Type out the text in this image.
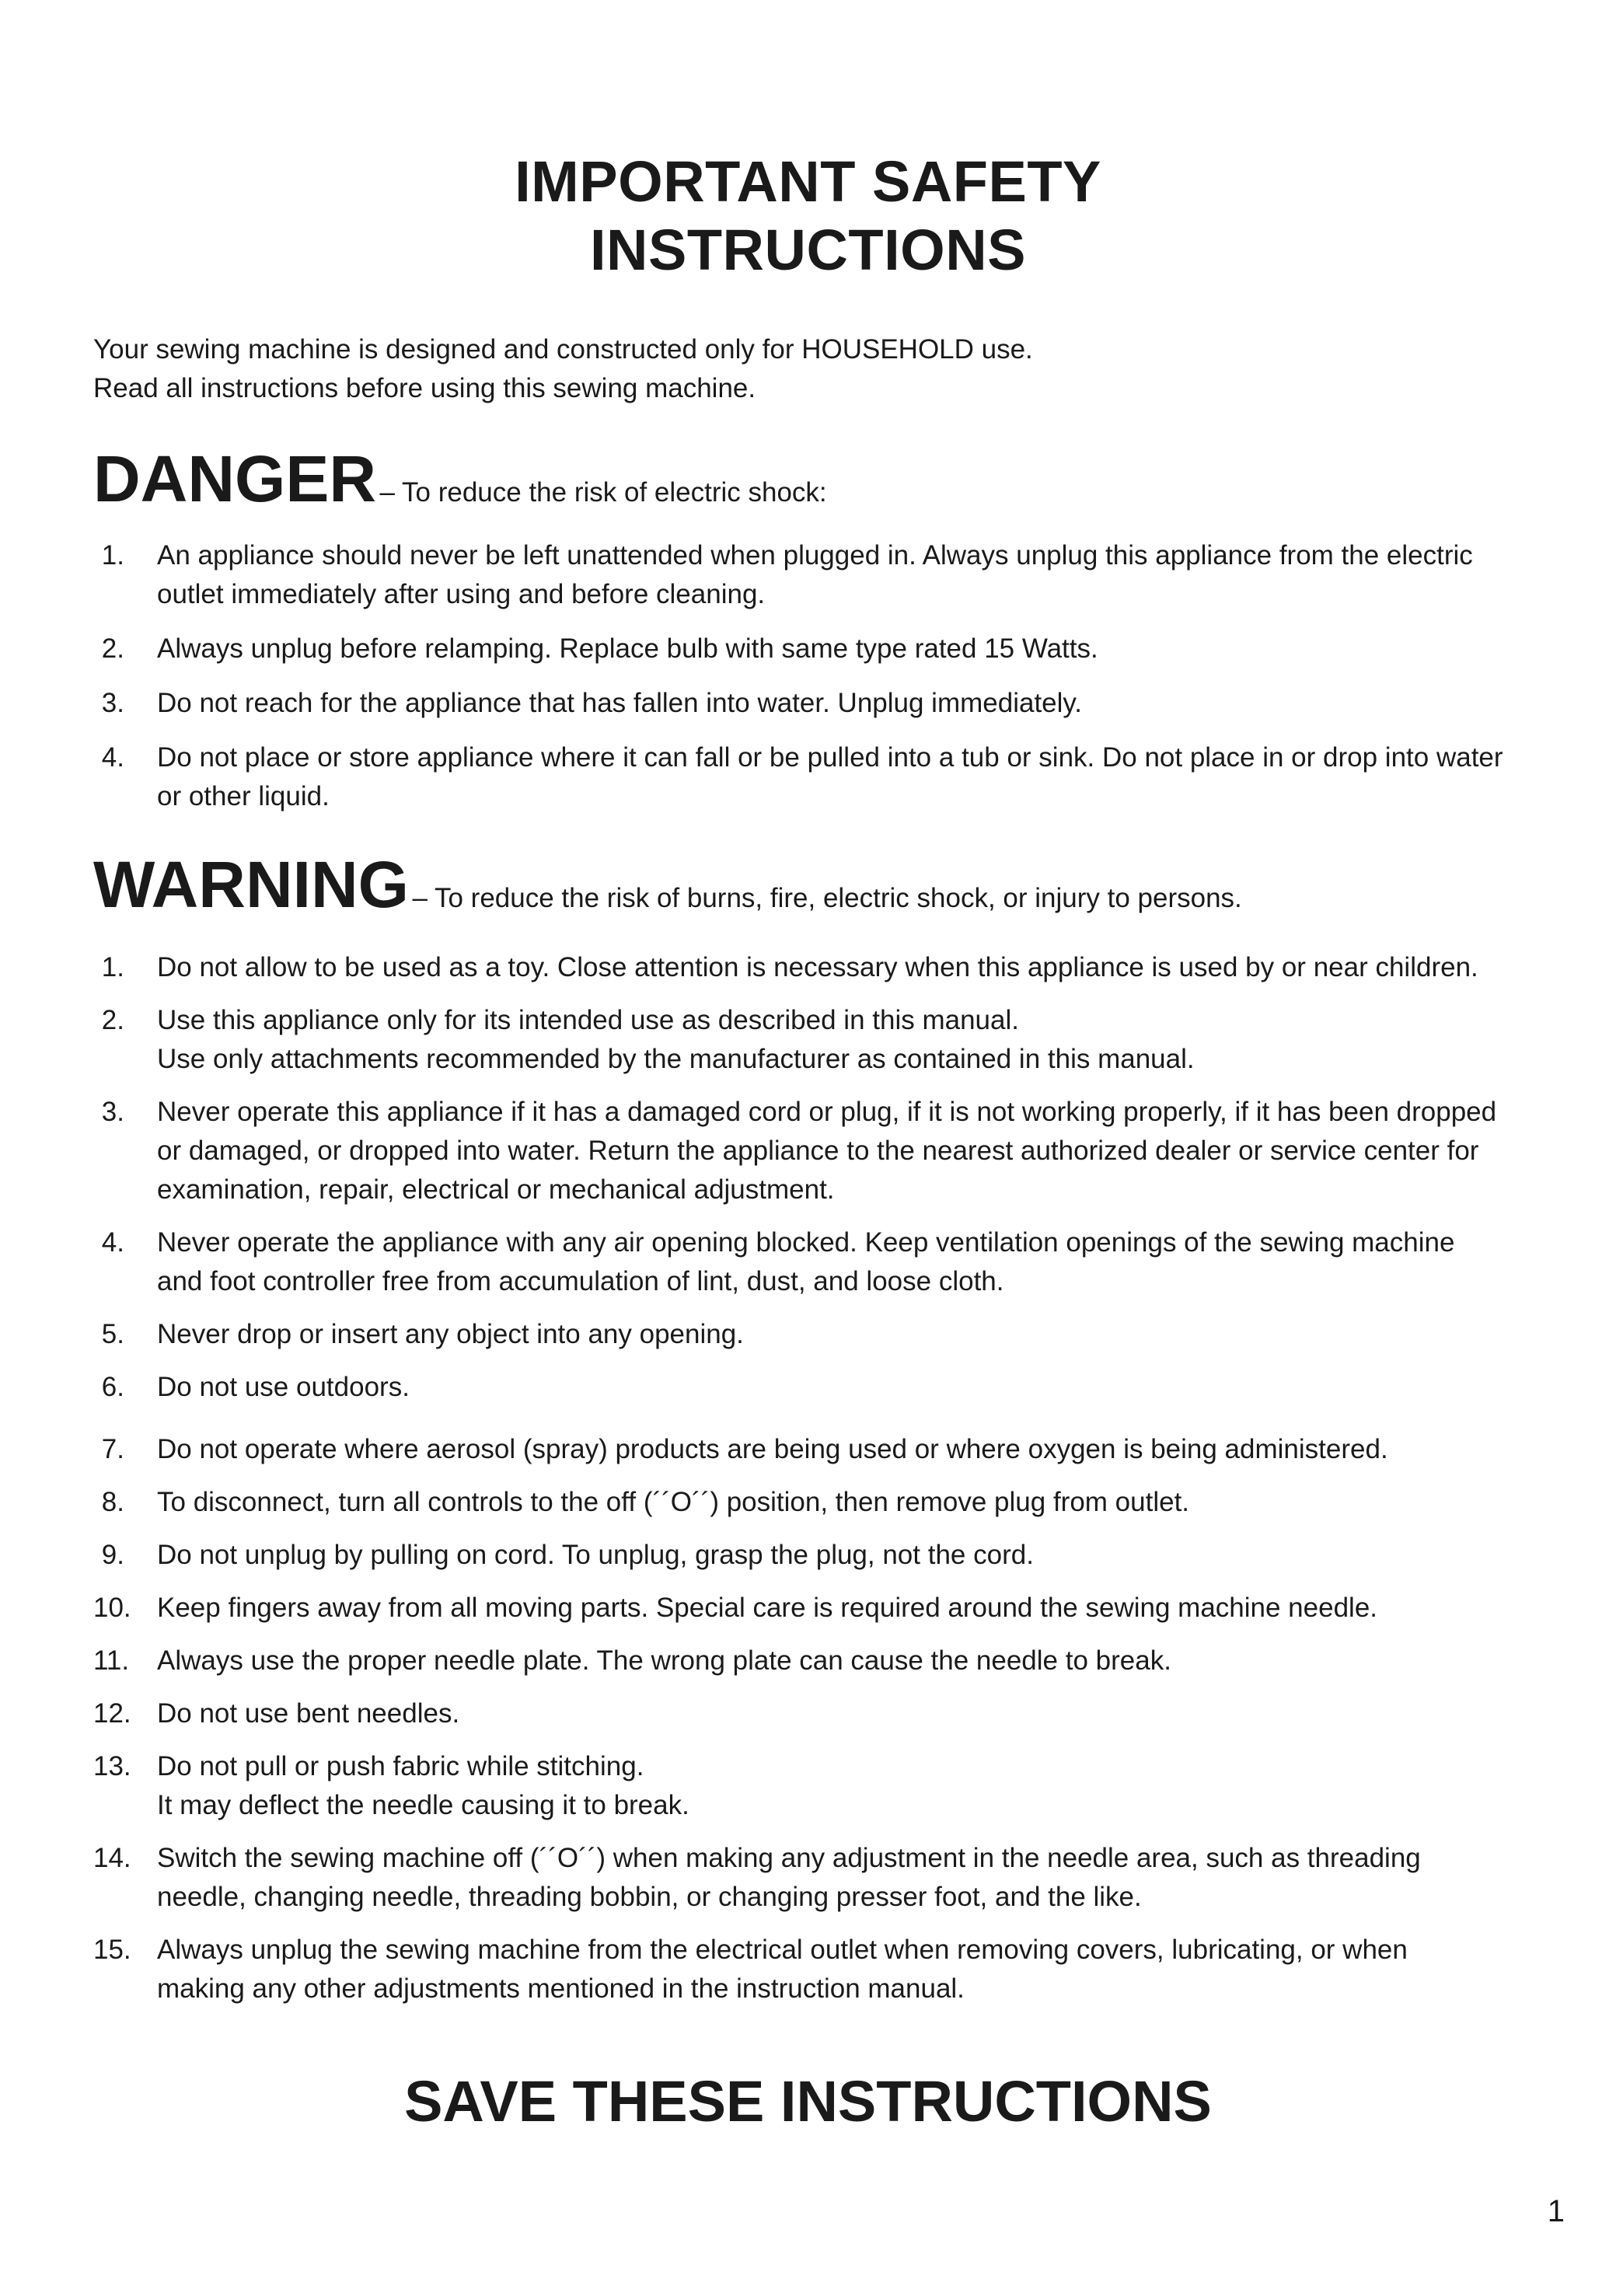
IMPORTANT SAFETY
INSTRUCTIONS
Your sewing machine is designed and constructed only for HOUSEHOLD use.
Read all instructions before using this sewing machine.
DANGER – To reduce the risk of electric shock:
1. An appliance should never be left unattended when plugged in. Always unplug this appliance from the electric
outlet immediately after using and before cleaning.
2. Always unplug before relamping. Replace bulb with same type rated 15 Watts.
3. Do not reach for the appliance that has fallen into water. Unplug immediately.
4. Do not place or store appliance where it can fall or be pulled into a tub or sink. Do not place in or drop into water
or other liquid.
WARNING – To reduce the risk of burns, fire, electric shock, or injury to persons.
1. Do not allow to be used as a toy. Close attention is necessary when this appliance is used by or near children.
2. Use this appliance only for its intended use as described in this manual.
Use only attachments recommended by the manufacturer as contained in this manual.
3. Never operate this appliance if it has a damaged cord or plug, if it is not working properly, if it has been dropped
or damaged, or dropped into water. Return the appliance to the nearest authorized dealer or service center for
examination, repair, electrical or mechanical adjustment.
4. Never operate the appliance with any air opening blocked. Keep ventilation openings of the sewing machine
and foot controller free from accumulation of lint, dust, and loose cloth.
5. Never drop or insert any object into any opening.
6. Do not use outdoors.
7. Do not operate where aerosol (spray) products are being used or where oxygen is being administered.
8. To disconnect, turn all controls to the off (´´O´´) position, then remove plug from outlet.
9. Do not unplug by pulling on cord. To unplug, grasp the plug, not the cord.
10. Keep fingers away from all moving parts. Special care is required around the sewing machine needle.
11. Always use the proper needle plate. The wrong plate can cause the needle to break.
12. Do not use bent needles.
13. Do not pull or push fabric while stitching.
It may deflect the needle causing it to break.
14. Switch the sewing machine off (´´O´´) when making any adjustment in the needle area, such as threading
needle, changing needle, threading bobbin, or changing presser foot, and the like.
15. Always unplug the sewing machine from the electrical outlet when removing covers, lubricating, or when
making any other adjustments mentioned in the instruction manual.
SAVE THESE INSTRUCTIONS
1
